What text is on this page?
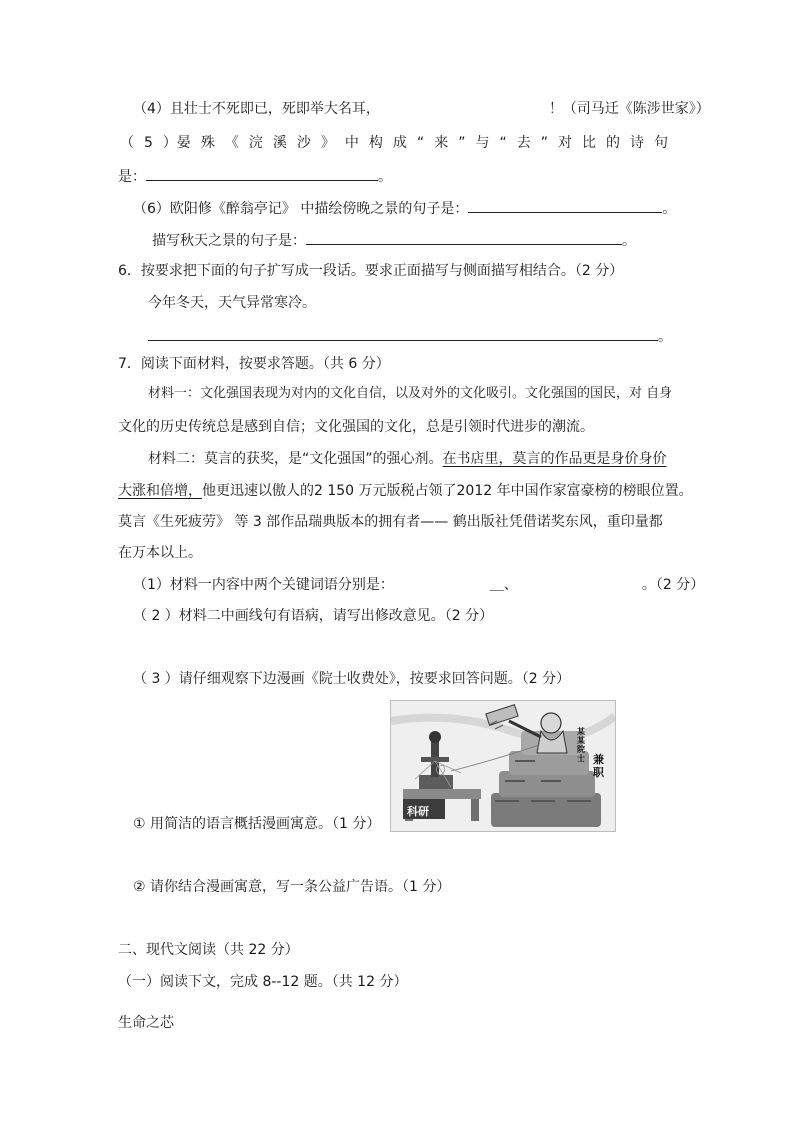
（4）且壮士不死即已，死即举大名耳，	！（司马迁《陈涉世家》）
（ 5 ）晏 殊 《 浣 溪 沙 》 中 构 成 “ 来 ” 与 “ 去 ” 对 比 的 诗 句
是：	。
（6）欧阳修《醉翁亭记》 中描绘傍晚之景的句子是：	。
描写秋天之景的句子是：	。
6．按要求把下面的句子扩写成一段话。要求正面描写与侧面描写相结合。（2 分）
今年冬天，天气异常寒冷。
。
7．阅读下面材料，按要求答题。（共 6 分）
材料一：文化强国表现为对内的文化自信，以及对外的文化吸引。文化强国的国民，对 自身
文化的历史传统总是感到自信；文化强国的文化，总是引领时代进步的潮流。
材料二：莫言的获奖，是“文化强国”的强心剂。在书店里，莫言的作品更是身价身价
大涨和倍增，他更迅速以傲人的2 150 万元版税占领了2012 年中国作家富豪榜的榜眼位置。
莫言《生死疲劳》 等 3 部作品瑞典版本的拥有者—— 鹤出版社凭借诺奖东风，重印量都
在万本以上。
（1）材料一内容中两个关键词语分别是：	＿、	。（2 分）
（ 2 ）材料二中画线句有语病，请写出修改意见。（2 分）
（ 3 ）请仔细观察下边漫画《院士收费处》，按要求回答问题。（2 分）
科研
兼职
某某院士
① 用简洁的语言概括漫画寓意。（1 分）
② 请你结合漫画寓意，写一条公益广告语。（1 分）
二、现代文阅读（共 22 分）
（一）阅读下文，完成 8--12 题。（共 12 分）
生命之芯
